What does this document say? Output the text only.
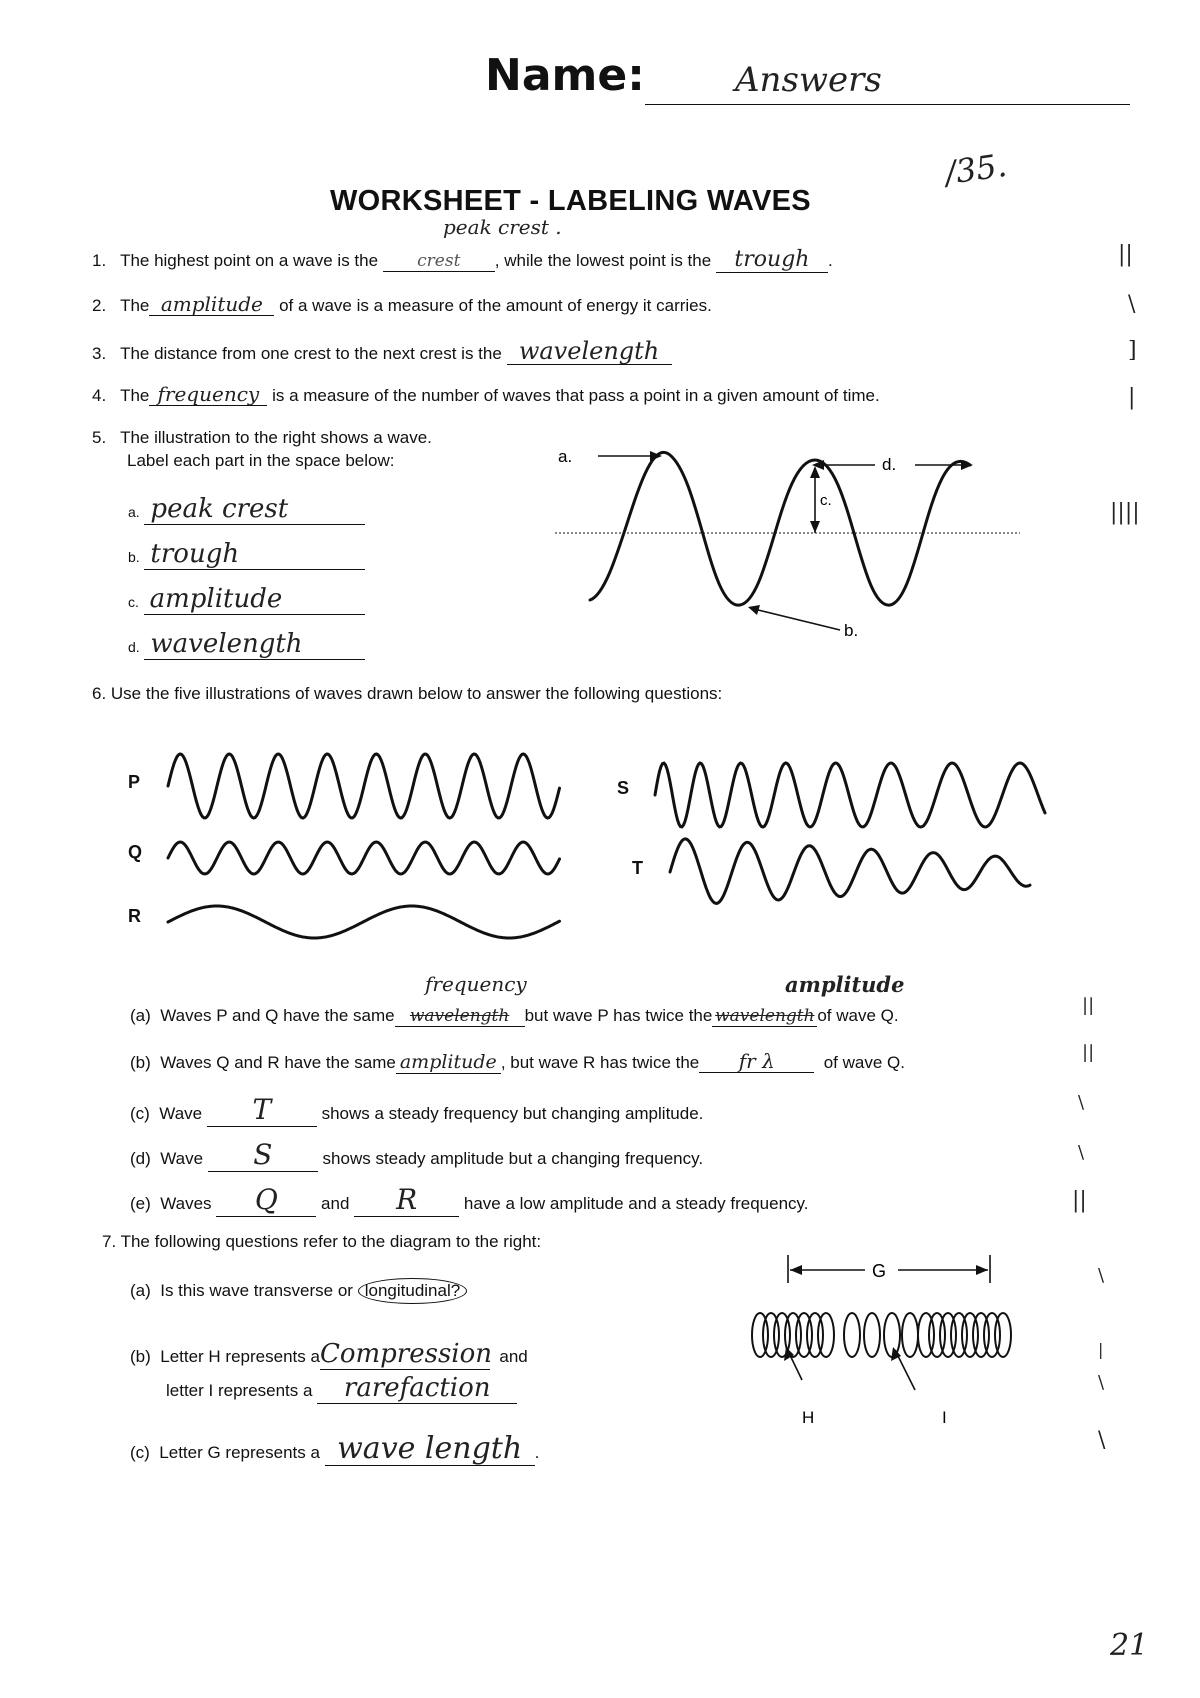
Name:	Answers
/35.
WORKSHEET - LABELING WAVES
peak crest .
1. The highest point on a wave is the crest , while the lowest point is the trough .	||
2. The amplitude of a wave is a measure of the amount of energy it carries.	\
3. The distance from one crest to the next crest is the wavelength	]
4. The frequency is a measure of the number of waves that pass a point in a given amount of time.	|
5. The illustration to the right shows a wave.
Label each part in the space below:
a. peak crest
b. trough
c. amplitude
d. wavelength
||||
a.	d.
c.
b.
6. Use the five illustrations of waves drawn below to answer the following questions:
P
Q
R
S
T
frequency	amplitude
(a) Waves P and Q have the same wavelength but wave P has twice the wavelength of wave Q.	||
(b) Waves Q and R have the same amplitude , but wave R has twice the fr λ	of wave Q.	||
(c) Wave T	shows a steady frequency but changing amplitude.
\
(d) Wave S	shows steady amplitude but a changing frequency.	\
(e) Waves Q	and R	have a low amplitude and a steady frequency.	||
7. The following questions refer to the diagram to the right:
(a) Is this wave transverse or longitudinal?
\
(b) Letter H represents aCompression and
letter I represents a rarefaction
|
\
(c) Letter G represents a wave length .	\
G
H	I
21
